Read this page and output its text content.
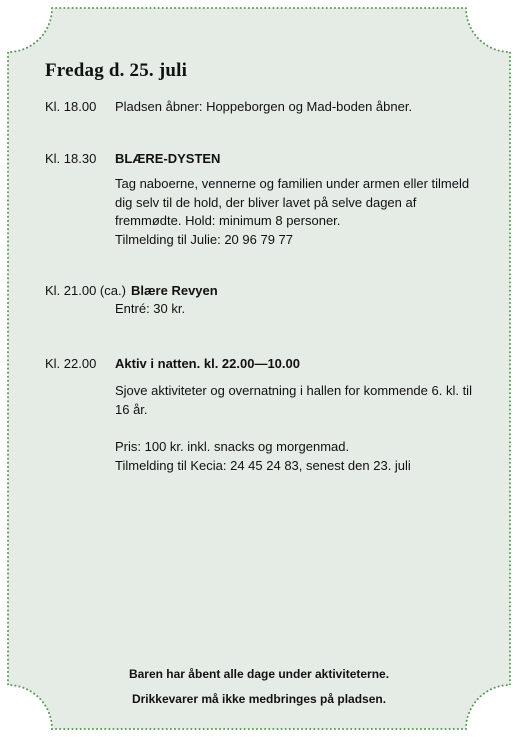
Fredag d. 25. juli
Kl. 18.00 Pladsen åbner: Hoppeborgen og Mad-boden åbner.
Kl. 18.30 BLÆRE-DYSTEN
Tag naboerne, vennerne og familien under armen eller tilmeld
dig selv til de hold, der bliver lavet på selve dagen af
fremmødte. Hold: minimum 8 personer.
Tilmelding til Julie: 20 96 79 77
Kl. 21.00 (ca.) Blære Revyen
Entré: 30 kr.
Kl. 22.00 Aktiv i natten. kl. 22.00—10.00
Sjove aktiviteter og overnatning i hallen for kommende 6. kl. til
16 år.
Pris: 100 kr. inkl. snacks og morgenmad.
Tilmelding til Kecia: 24 45 24 83, senest den 23. juli
Baren har åbent alle dage under aktiviteterne.
Drikkevarer må ikke medbringes på pladsen.
